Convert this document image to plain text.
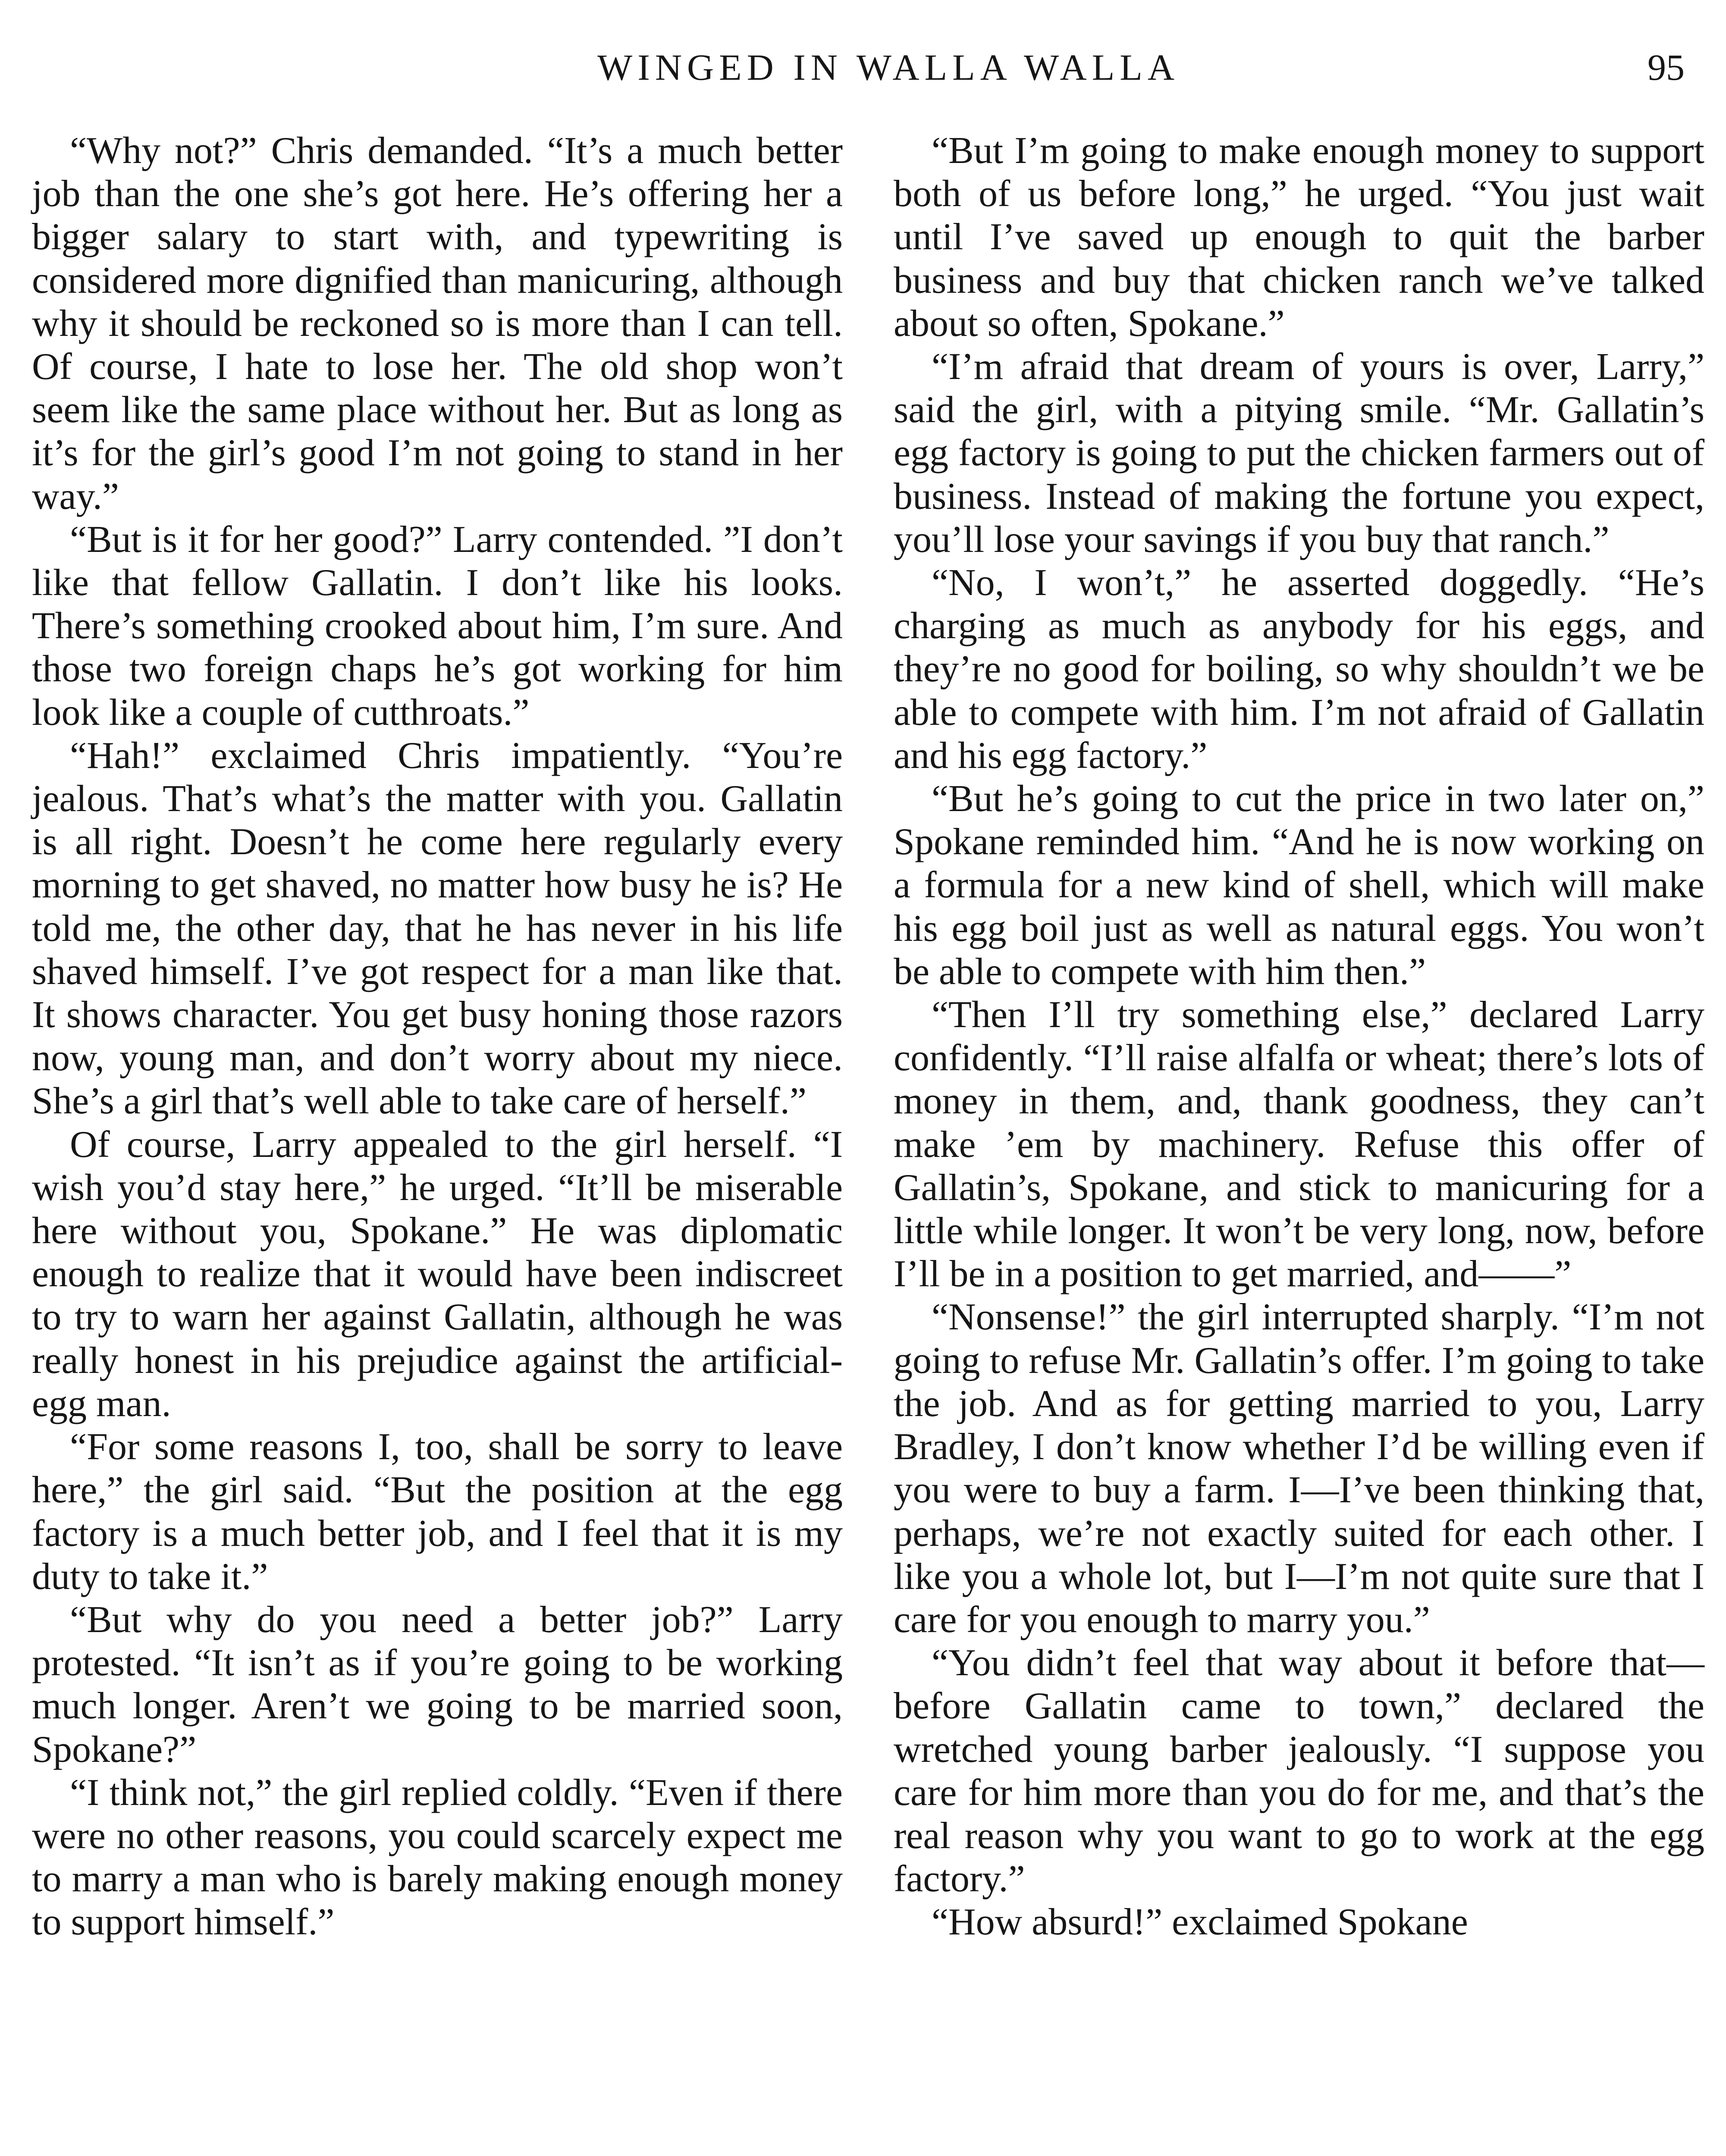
WINGED IN WALLA WALLA	95

“Why not?” Chris demanded. “It’s a much better job than the one she’s got here. He’s offering her a bigger salary to start with, and typewriting is considered more dignified than manicuring, although why it should be reckoned so is more than I can tell. Of course, I hate to lose her. The old shop won’t seem like the same place without her. But as long as it’s for the girl’s good I’m not going to stand in her way.”

“But is it for her good?” Larry contended. ”I don’t like that fellow Gallatin. I don’t like his looks. There’s something crooked about him, I’m sure. And those two foreign chaps he’s got working for him look like a couple of cutthroats.”

“Hah!” exclaimed Chris impatiently. “You’re jealous. That’s what’s the matter with you. Gallatin is all right. Doesn’t he come here regularly every morning to get shaved, no matter how busy he is? He told me, the other day, that he has never in his life shaved himself. I’ve got respect for a man like that. It shows character. You get busy honing those razors now, young man, and don’t worry about my niece. She’s a girl that’s well able to take care of herself.”

Of course, Larry appealed to the girl herself. “I wish you’d stay here,” he urged. “It’ll be miserable here without you, Spokane.” He was diplomatic enough to realize that it would have been indiscreet to try to warn her against Gallatin, although he was really honest in his prejudice against the artificial-egg man.

“For some reasons I, too, shall be sorry to leave here,” the girl said. “But the position at the egg factory is a much better job, and I feel that it is my duty to take it.”

“But why do you need a better job?” Larry protested. “It isn’t as if you’re going to be working much longer. Aren’t we going to be married soon, Spokane?”

“I think not,” the girl replied coldly. “Even if there were no other reasons, you could scarcely expect me to marry a man who is barely making enough money to support himself.”

“But I’m going to make enough money to support both of us before long,” he urged. “You just wait until I’ve saved up enough to quit the barber business and buy that chicken ranch we’ve talked about so often, Spokane.”

“I’m afraid that dream of yours is over, Larry,” said the girl, with a pitying smile. “Mr. Gallatin’s egg factory is going to put the chicken farmers out of business. Instead of making the fortune you expect, you’ll lose your savings if you buy that ranch.”

“No, I won’t,” he asserted doggedly. “He’s charging as much as anybody for his eggs, and they’re no good for boiling, so why shouldn’t we be able to compete with him. I’m not afraid of Gallatin and his egg factory.”

“But he’s going to cut the price in two later on,” Spokane reminded him. “And he is now working on a formula for a new kind of shell, which will make his egg boil just as well as natural eggs. You won’t be able to compete with him then.”

“Then I’ll try something else,” declared Larry confidently. “I’ll raise alfalfa or wheat; there’s lots of money in them, and, thank goodness, they can’t make ’em by machinery. Refuse this offer of Gallatin’s, Spokane, and stick to manicuring for a little while longer. It won’t be very long, now, before I’ll be in a position to get married, and——”

“Nonsense!” the girl interrupted sharply. “I’m not going to refuse Mr. Gallatin’s offer. I’m going to take the job. And as for getting married to you, Larry Bradley, I don’t know whether I’d be willing even if you were to buy a farm. I—I’ve been thinking that, perhaps, we’re not exactly suited for each other. I like you a whole lot, but I—I’m not quite sure that I care for you enough to marry you.”

“You didn’t feel that way about it before that—before Gallatin came to town,” declared the wretched young barber jealously. “I suppose you care for him more than you do for me, and that’s the real reason why you want to go to work at the egg factory.”

“How absurd!” exclaimed Spokane
